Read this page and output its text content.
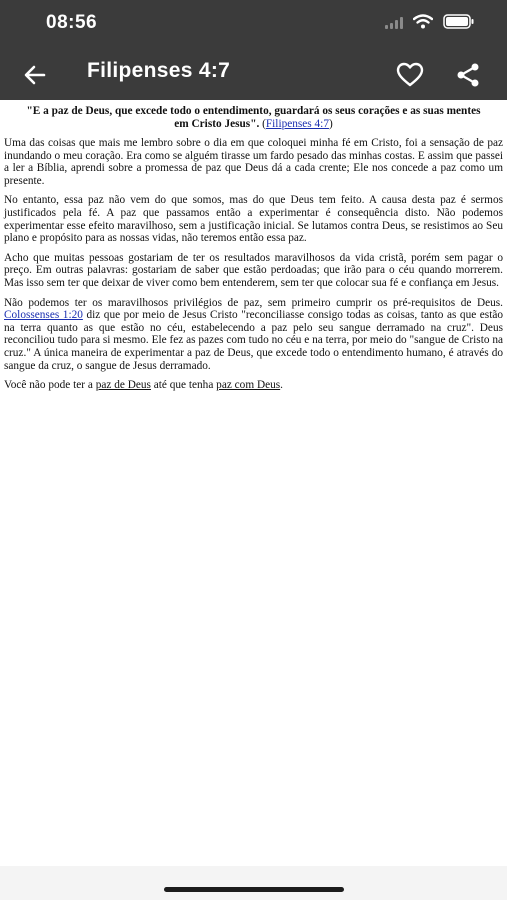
08:56
Filipenses 4:7
"E a paz de Deus, que excede todo o entendimento, guardará os seus corações e as suas mentes em Cristo Jesus". (Filipenses 4:7)

Uma das coisas que mais me lembro sobre o dia em que coloquei minha fé em Cristo, foi a sensação de paz inundando o meu coração. Era como se alguém tirasse um fardo pesado das minhas costas. E assim que passei a ler a Bíblia, aprendi sobre a promessa de paz que Deus dá a cada crente; Ele nos concede a paz como um presente.

No entanto, essa paz não vem do que somos, mas do que Deus tem feito. A causa desta paz é sermos justificados pela fé. A paz que passamos então a experimentar é consequência disto. Não podemos experimentar esse efeito maravilhoso, sem a justificação inicial. Se lutamos contra Deus, se resistimos ao Seu plano e propósito para as nossas vidas, não teremos então essa paz.

Acho que muitas pessoas gostariam de ter os resultados maravilhosos da vida cristã, porém sem pagar o preço. Em outras palavras: gostariam de saber que estão perdoadas; que irão para o céu quando morrerem. Mas isso sem ter que deixar de viver como bem entenderem, sem ter que colocar sua fé e confiança em Jesus.

Não podemos ter os maravilhosos privilégios de paz, sem primeiro cumprir os pré-requisitos de Deus. Colossenses 1:20 diz que por meio de Jesus Cristo "reconciliasse consigo todas as coisas, tanto as que estão na terra quanto as que estão no céu, estabelecendo a paz pelo seu sangue derramado na cruz". Deus reconciliou tudo para si mesmo. Ele fez as pazes com tudo no céu e na terra, por meio do "sangue de Cristo na cruz." A única maneira de experimentar a paz de Deus, que excede todo o entendimento humano, é através do sangue da cruz, o sangue de Jesus derramado.

Você não pode ter a paz de Deus até que tenha paz com Deus.
